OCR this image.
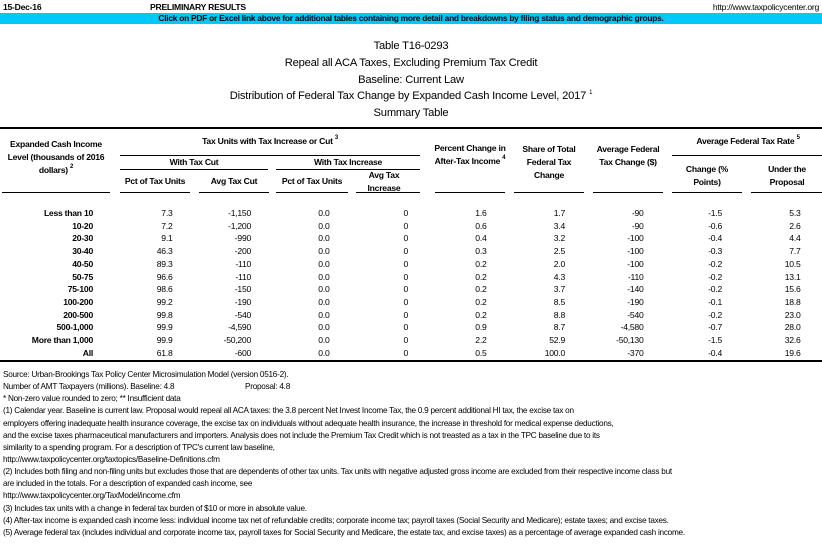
15-Dec-16	PRELIMINARY RESULTS	http://www.taxpolicycenter.org
Click on PDF or Excel link above for additional tables containing more detail and breakdowns by filing status and demographic groups.
Table T16-0293
Repeal all ACA Taxes, Excluding Premium Tax Credit
Baseline: Current Law
Distribution of Federal Tax Change by Expanded Cash Income Level, 2017 $^1$
Summary Table
Expanded Cash Income Level (thousands of 2016 dollars) $^2$
Tax Units with Tax Increase or Cut $^3$
With Tax Cut	With Tax Increase
Pct of Tax Units	Avg Tax Cut	Pct of Tax Units
Avg Tax Increase
Percent Change in After-Tax Income $^4$
Share of Total Federal Tax Change
Average Federal Tax Change ($)
Average Federal Tax Rate $^5$
Change (% Points)
Under the Proposal
Less than 10	7.3	-1,150	0.0	0	1.6	1.7	-90	-1.5	5.3
10-20	7.2	-1,200	0.0	0	0.6	3.4	-90	-0.6	2.6
20-30	9.1	-990	0.0	0	0.4	3.2	-100	-0.4	4.4
30-40	46.3	-200	0.0	0	0.3	2.5	-100	-0.3	7.7
40-50	89.3	-110	0.0	0	0.2	2.0	-100	-0.2	10.5
50-75	96.6	-110	0.0	0	0.2	4.3	-110	-0.2	13.1
75-100	98.6	-150	0.0	0	0.2	3.7	-140	-0.2	15.6
100-200	99.2	-190	0.0	0	0.2	8.5	-190	-0.1	18.8
200-500	99.8	-540	0.0	0	0.2	8.8	-540	-0.2	23.0
500-1,000	99.9	-4,590	0.0	0	0.9	8.7	-4,580	-0.7	28.0
More than 1,000	99.9	-50,200	0.0	0	2.2	52.9	-50,130	-1.5	32.6
All	61.8	-600	0.0	0	0.5	100.0	-370	-0.4	19.6
Source: Urban-Brookings Tax Policy Center Microsimulation Model (version 0516-2).
Number of AMT Taxpayers (millions). Baseline: 4.8	Proposal: 4.8
* Non-zero value rounded to zero; ** Insufficient data
(1) Calendar year. Baseline is current law. Proposal would repeal all ACA taxes: the 3.8 percent Net Invest Income Tax, the 0.9 percent additional HI tax, the excise tax on
employers offering inadequate health insurance coverage, the excise tax on individuals without adequate health insurance, the increase in threshold for medical expense deductions,
and the excise taxes pharmaceutical manufacturers and importers. Analysis does not include the Premium Tax Credit which is not treasted as a tax in the TPC baseline due to its
similarity to a spending program. For a description of TPC's current law baseline,
http://www.taxpolicycenter.org/taxtopics/Baseline-Definitions.cfm
(2) Includes both filing and non-filing units but excludes those that are dependents of other tax units. Tax units with negative adjusted gross income are excluded from their respective income class but
are included in the totals. For a description of expanded cash income, see
http://www.taxpolicycenter.org/TaxModel/income.cfm
(3) Includes tax units with a change in federal tax burden of $10 or more in absolute value.
(4) After-tax income is expanded cash income less: individual income tax net of refundable credits; corporate income tax; payroll taxes (Social Security and Medicare); estate taxes; and excise taxes.
(5) Average federal tax (includes individual and corporate income tax, payroll taxes for Social Security and Medicare, the estate tax, and excise taxes) as a percentage of average expanded cash income.
